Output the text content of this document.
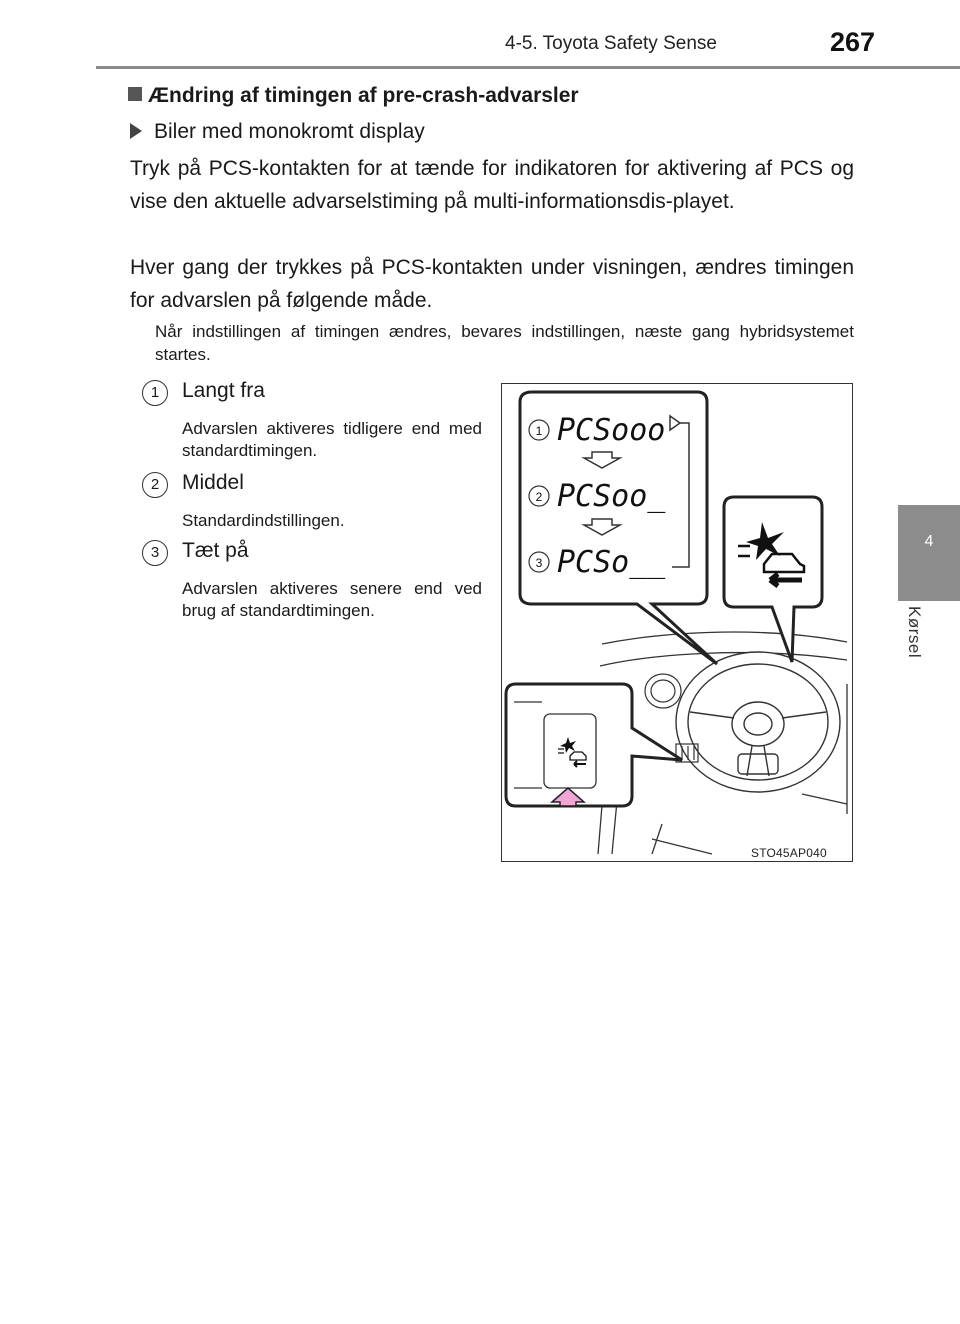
4-5. Toyota Safety Sense	267
4
Kørsel
Ændring af timingen af pre-crash-advarsler
Biler med monokromt display
Tryk på PCS-kontakten for at tænde for indikatoren for aktivering af PCS og vise den aktuelle advarselstiming på multi-informationsdis-playet.
Hver gang der trykkes på PCS-kontakten under visningen, ændres timingen for advarslen på følgende måde.
Når indstillingen af timingen ændres, bevares indstillingen, næste gang hybridsystemet startes.
1	Langt fra
Advarslen aktiveres tidligere end med standardtimingen.
2	Middel
Standardindstillingen.
3	Tæt på
Advarslen aktiveres senere end ved brug af standardtimingen.
1 PCSooo
2 PCSoo_
3 PCSo__
STO45AP040
